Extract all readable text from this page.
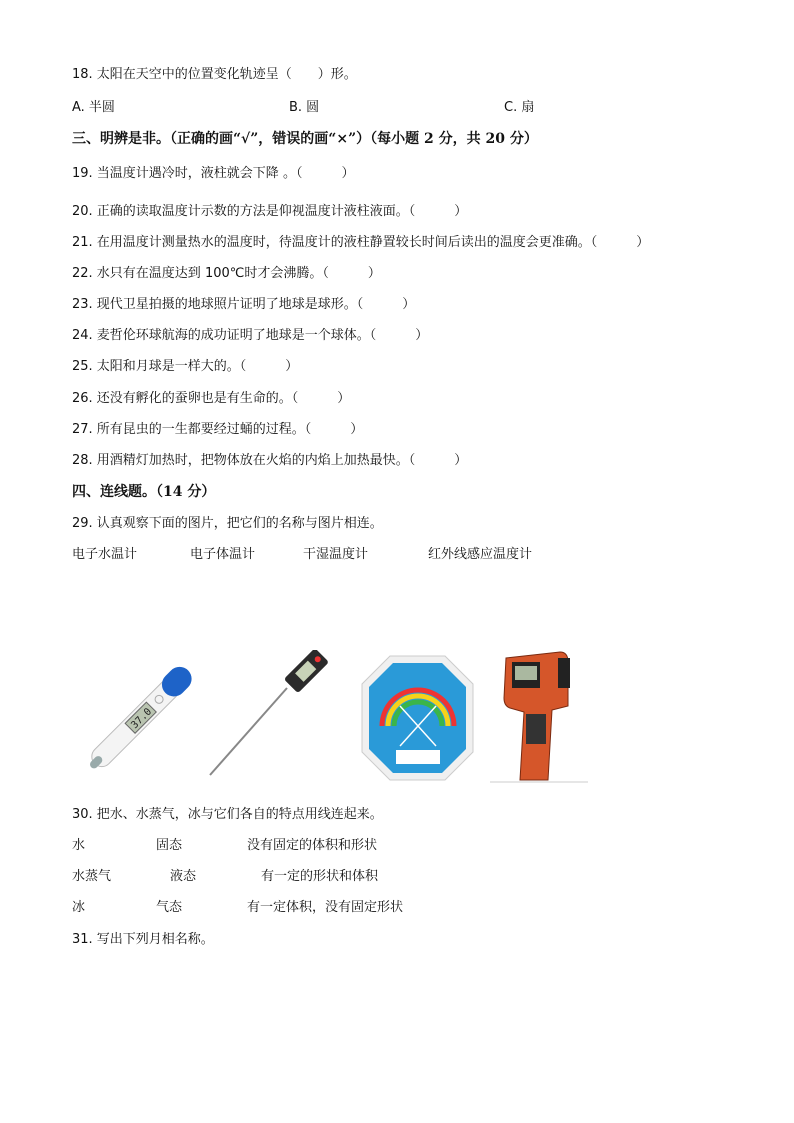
18. 太阳在天空中的位置变化轨迹呈（　　）形。
A. 半圆	B. 圆	C. 扇
三、明辨是非。（正确的画“√”，错误的画“×”）（每小题 2 分，共 20 分）
19. 当温度计遇冷时，液柱就会下降 。（　　　）
20. 正确的读取温度计示数的方法是仰视温度计液柱液面。（　　　）
21. 在用温度计测量热水的温度时，待温度计的液柱静置较长时间后读出的温度会更准确。（　　　）
22. 水只有在温度达到 100℃时才会沸腾。（　　　）
23. 现代卫星拍摄的地球照片证明了地球是球形。（　　　）
24. 麦哲伦环球航海的成功证明了地球是一个球体。（　　　）
25. 太阳和月球是一样大的。（　　　）
26. 还没有孵化的蚕卵也是有生命的。（　　　）
27. 所有昆虫的一生都要经过蛹的过程。（　　　）
28. 用酒精灯加热时，把物体放在火焰的内焰上加热最快。（　　　）
四、连线题。（14 分）
29. 认真观察下面的图片，把它们的名称与图片相连。
电子水温计	电子体温计	干湿温度计	红外线感应温度计
37.0
30. 把水、水蒸气，冰与它们各自的特点用线连起来。
水	固态	没有固定的体积和形状
水蒸气	液态	有一定的形状和体积
冰	气态	有一定体积，没有固定形状
31. 写出下列月相名称。
